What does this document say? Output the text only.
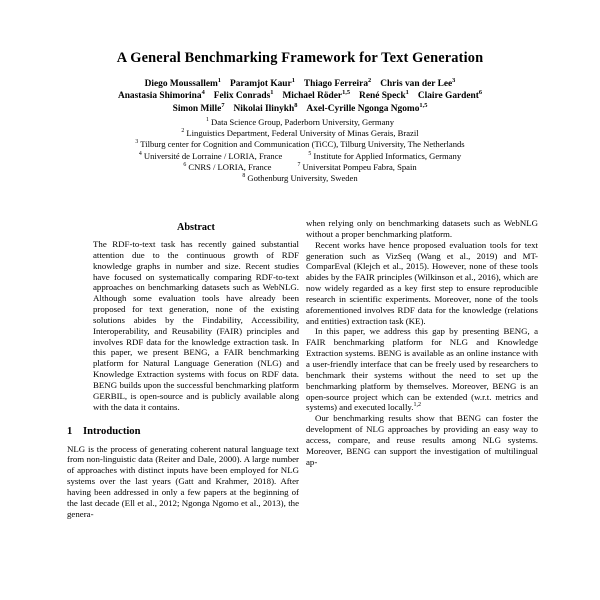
A General Benchmarking Framework for Text Generation
Diego Moussallem$^1$ Paramjot Kaur$^1$ Thiago Ferreira$^2$ Chris van der Lee$^3$
Anastasia Shimorina$^4$ Felix Conrads$^1$ Michael Röder$^{1,5}$ René Speck$^1$ Claire Gardent$^6$
Simon Mille$^7$ Nikolai Ilinykh$^8$ Axel-Cyrille Ngonga Ngomo$^{1,5}$
$^1$ Data Science Group, Paderborn University, Germany
$^2$ Linguistics Department, Federal University of Minas Gerais, Brazil
$^3$ Tilburg center for Cognition and Communication (TiCC), Tilburg University, The Netherlands
$^4$ Université de Lorraine / LORIA, France	$^5$ Institute for Applied Informatics, Germany
$^6$ CNRS / LORIA, France	$^7$ Universitat Pompeu Fabra, Spain
$^8$ Gothenburg University, Sweden
Abstract

The RDF-to-text task has recently gained substantial attention due to the continuous growth of RDF knowledge graphs in number and size. Recent studies have focused on systematically comparing RDF-to-text approaches on benchmarking datasets such as WebNLG. Although some evaluation tools have already been proposed for text generation, none of the existing solutions abides by the Findability, Accessibility, Interoperability, and Reusability (FAIR) principles and involves RDF data for the knowledge extraction task. In this paper, we present BENG, a FAIR benchmarking platform for Natural Language Generation (NLG) and Knowledge Extraction systems with focus on RDF data. BENG builds upon the successful benchmarking platform GERBIL, is open-source and is publicly available along with the data it contains.

1 Introduction

NLG is the process of generating coherent natural language text from non-linguistic data (Reiter and Dale, 2000). A large number of approaches with distinct inputs have been employed for NLG systems over the last years (Gatt and Krahmer, 2018). After having been addressed in only a few papers at the beginning of the last decade (Ell et al., 2012; Ngonga Ngomo et al., 2013), the genera-

when relying only on benchmarking datasets such as WebNLG without a proper benchmarking platform.

Recent works have hence proposed evaluation tools for text generation such as VizSeq (Wang et al., 2019) and MT-ComparEval (Klejch et al., 2015). However, none of these tools abides by the FAIR principles (Wilkinson et al., 2016), which are now widely regarded as a key first step to ensure reproducible research in scientific experiments. Moreover, none of the tools aforementioned involves RDF data for the knowledge (relations and entities) extraction task (KE).

In this paper, we address this gap by presenting BENG, a FAIR benchmarking platform for NLG and Knowledge Extraction systems. BENG is available as an online instance with a user-friendly interface that can be freely used by researchers to benchmark their systems without the need to set up the benchmarking platform by themselves. Moreover, BENG is an open-source project which can be extended (w.r.t. metrics and systems) and executed locally.$^{1,2}$

Our benchmarking results show that BENG can foster the development of NLG approaches by providing an easy way to access, compare, and reuse results among NLG systems. Moreover, BENG can support the investigation of multilingual ap-
